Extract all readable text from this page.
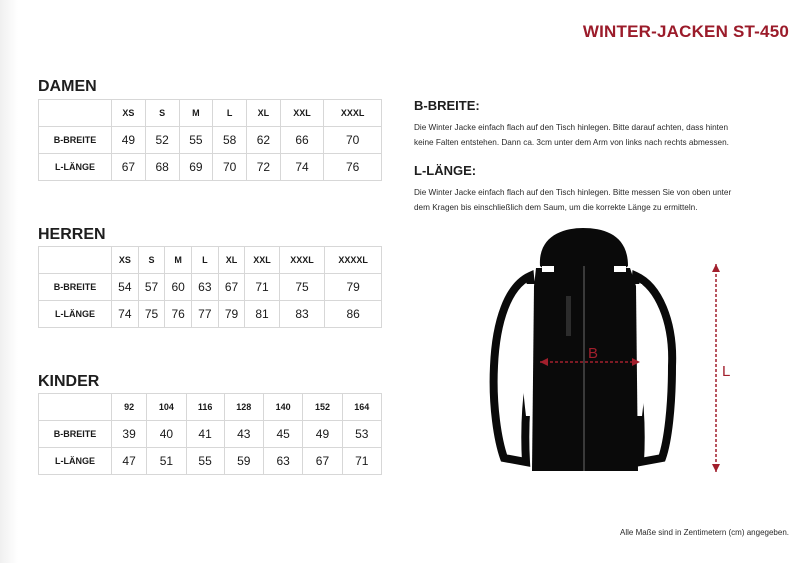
WINTER-JACKEN ST-450
DAMEN
	XS	S	M	L	XL	XXL	XXXL
B-BREITE	49	52	55	58	62	66	70
L-LÄNGE	67	68	69	70	72	74	76
HERREN
	XS	S	M	L	XL	XXL	XXXL	XXXXL
B-BREITE	54	57	60	63	67	71	75	79
L-LÄNGE	74	75	76	77	79	81	83	86
KINDER
	92	104	116	128	140	152	164
B-BREITE	39	40	41	43	45	49	53
L-LÄNGE	47	51	55	59	63	67	71
B-BREITE:
Die Winter Jacke einfach flach auf den Tisch hinlegen. Bitte darauf achten, dass hinten
keine Falten entstehen. Dann ca. 3cm unter dem Arm von links nach rechts abmessen.
L-LÄNGE:
Die Winter Jacke einfach flach auf den Tisch hinlegen. Bitte messen Sie von oben unter
dem Kragen bis einschließlich dem Saum, um die korrekte Länge zu ermitteln.
B
L
Alle Maße sind in Zentimetern (cm) angegeben.
